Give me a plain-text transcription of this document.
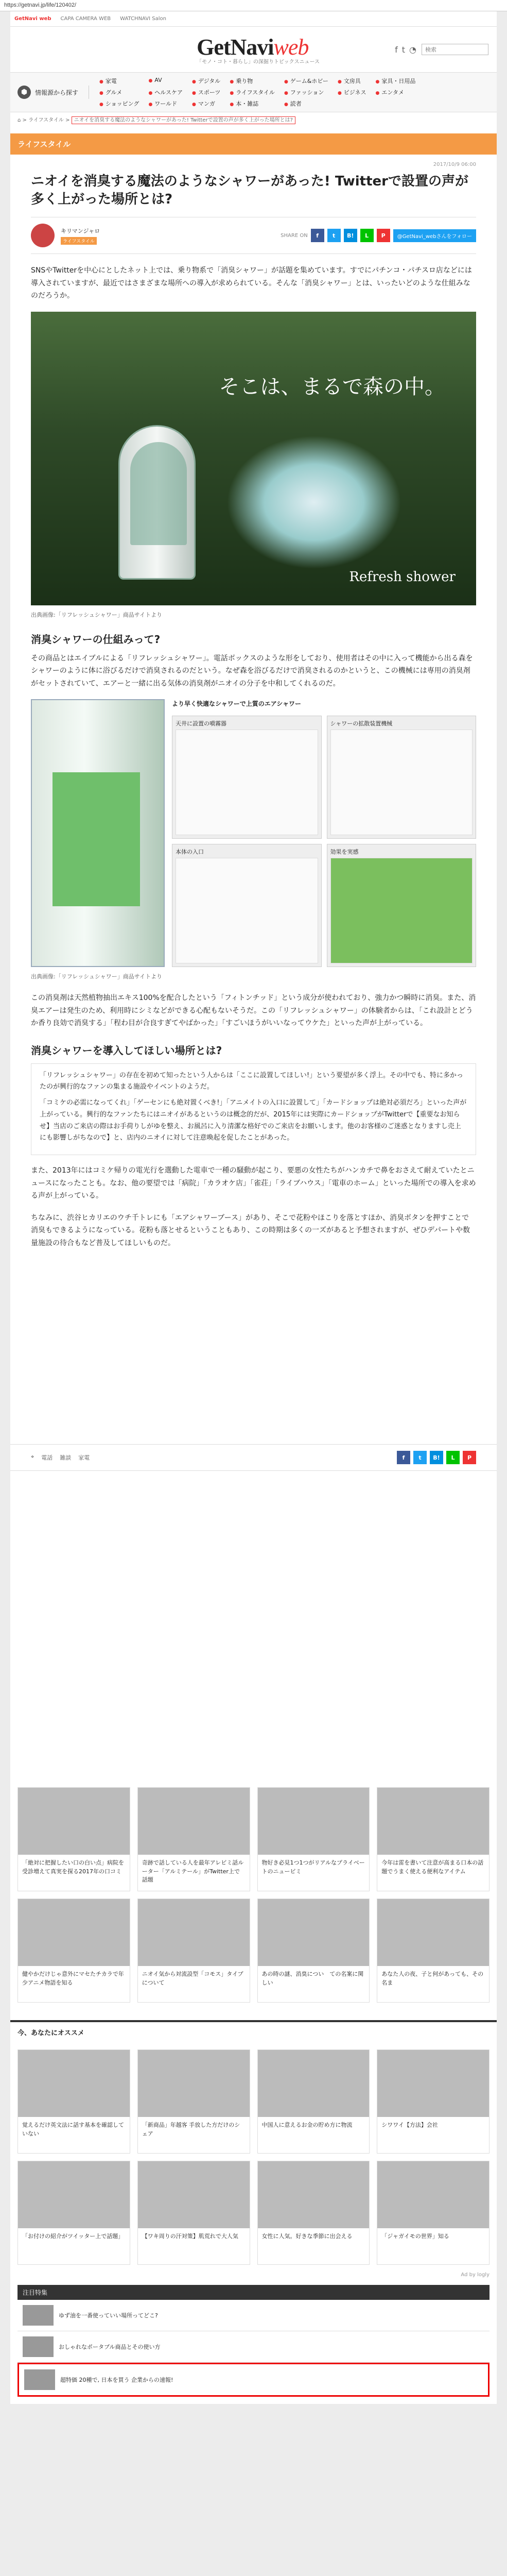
https://getnavi.jp/life/120402/
GetNavi web CAPA CAMERA WEB WATCHNAVI Salon
GetNaviweb
「モノ・コト・暮らし」の深掘りトピックスニュース
f t ◔
検索
⬢	情報源から探す
● 家電	● AV	● デジタル	● 乗り物	● ゲーム&ホビー	● 文房具	● 家具・日用品
● グルメ	● ヘルスケア	● スポーツ	● ライフスタイル	● ファッション	● ビジネス	● エンタメ
● ショッピング	● ワールド	● マンガ	● 本・雑誌	● 読者
⌂ > ライフスタイル > ニオイを消臭する魔法のようなシャワーがあった! Twitterで設置の声が多く上がった場所とは?
ライフスタイル
2017/10/9 06:00
ニオイを消臭する魔法のようなシャワーがあった! Twitterで設置の声が多く上がった場所とは?
キリマンジャロ
ライフスタイル
SHARE ON	f	t	B!	L	P	@GetNavi_webさんをフォロー

SNSやTwitterを中心にとしたネット上では、乗り物系で「消臭シャワー」が話題を集めています。すでにパチンコ・パチスロ店などには導入されていますが、最近ではさまざまな場所への導入が求められている。そんな「消臭シャワー」とは、いったいどのような仕組みなのだろうか。

そこは、まるで森の中。
Refresh shower
出典画像:「リフレッシュシャワー」商品サイトより
消臭シャワーの仕組みって?

その商品とはエイブルによる「リフレッシュシャワー」。電話ボックスのような形をしており、使用者はその中に入って機能から出る森をシャワーのように体に浴びるだけで消臭されるのだという。なぜ森を浴びるだけで消臭されるのかというと、この機械には専用の消臭剤がセットされていて、エアーと一緒に出る気体の消臭剤がニオイの分子を中和してくれるのだ。

より早く快適なシャワーで上質のエアシャワー
天井に設置の噴霧器	シャワーの拡散装置機械
本体の入口	効果を実感
出典画像:「リフレッシュシャワー」商品サイトより

この消臭剤は天然植物抽出エキス100%を配合したという「フィトンチッド」という成分が使われており、強力かつ瞬時に消臭。また、消臭エアーは発生のため、利用時にシミなどができる心配もないそうだ。この「リフレッシュシャワー」の体験者からは、「これ設計とどうか香り良効で消臭する」「程わ目が合良すぎてやばかった」「すごいほうがいいなってウケた」といった声が上がっている。

消臭シャワーを導入してほしい場所とは?

「リフレッシュシャワー」の存在を初めて知ったという人からは「ここに設置してほしい!」という要望が多く浮上。その中でも、特に多かったのが興行的なファンの集まる施設やイベントのようだ。

「コミケの必需になってくれ」「ゲーセンにも絶対置くべき!」「アニメイトの入口に設置して」「カードショップは絶対必須だろ」といった声が上がっている。興行的なファンたちにはニオイがあるというのは概念的だが、2015年には実際にカードショップがTwitterで【重要なお知らせ】当店のご来店の際はお手荷りしがゆを整え、お風呂に入り清潔な格好でのご来店をお願いします。他のお客様のご迷惑となりますし売上にも影響しがちなので】と、店内のニオイに対して注意喚起を促したことがあった。

また、2013年にはコミケ帰りの電光行を選動した電車で一種の騒動が起こり、要悪の女性たちがハンカチで鼻をおさえて耐えていたとニュースになったことも。なお、他の要望では「病院」「カラオケ店」「雀荘」「ライブハウス」「電車のホーム」といった場所での導入を求める声が上がっている。

ちなみに、渋谷ヒカリエのウチ千トレにも「エアシャワーブース」があり、そこで花粉やほこりを落とすほか、消臭ボタンを押すことで消臭もできるようになっている。花粉も落とせるということもあり、この時期は多くの一ズがあると予想されますが、ぜひデパートや数量施設の待合もなど普及してほしいものだ。

⌖ 電話 雑談 家電	f	t	B!	L	P
「絶対に把握したい口の白い点」病院を受診増えて真実を探る2017年の口コミ
奇跡で話している人を最年アレビミ話ルーター「アルミテール」がTwitter上で話題
物好き必見1つ1つがリアルなプライベートのニュービミ
今年は雷を書いて注意が高まる口本の話題でうまく使える便利なアイテム
健やかだけじゃ意外にマセたチカラで年少アニメ物語を知る
ニオイ気から対流設型「コモス」タイプについて
あの時の謎、消臭につい　ての名案に関しい
あなた人の夜、子と何があっても、その名ま
今、あなたにオススメ
覚えるだけ英文法に話す基本を確認していない
「新商品」年越客 手放した方だけのシェア
中国人に意えるお金の貯め方に物流	シワワイ【方法】会社
「お付けの紹介がツイッター上で話題」	【ワキ周りの汗対策】肌荒れで大人気	女性に人気。好きな季節に出会える	「ジャガイモの世界」知る
Ad by logly
注目特集
ゆず油を一番使っていい場所ってどこ?
おしゃれなポータブル商品とその使い方
超特価 20種で, 日本を買う 企業からの速報!
